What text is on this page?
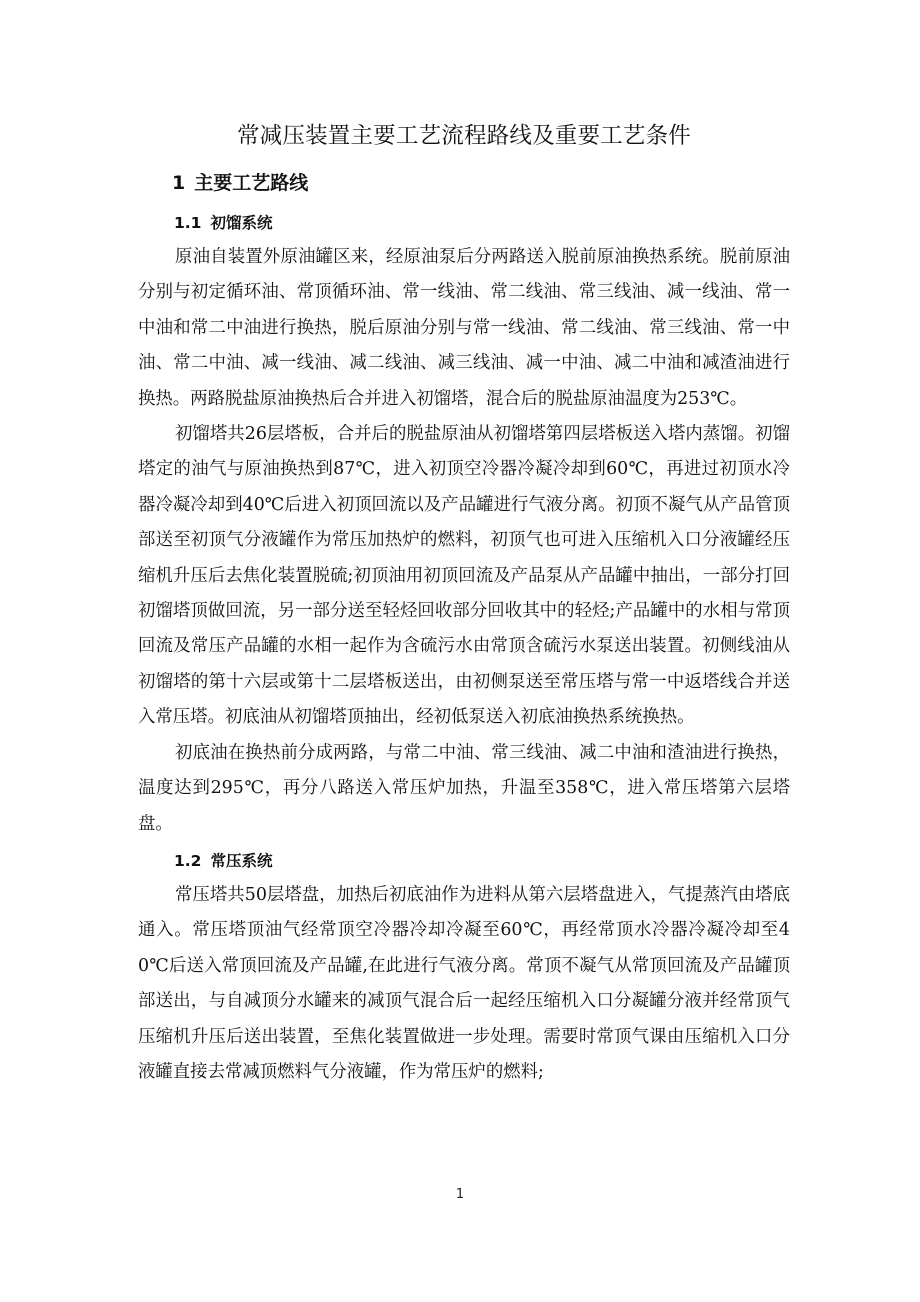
常减压装置主要工艺流程路线及重要工艺条件
1 主要工艺路线
1.1 初馏系统

原油自装置外原油罐区来，经原油泵后分两路送入脱前原油换热系统。脱前原油分别与初定循环油、常顶循环油、常一线油、常二线油、常三线油、减一线油、常一中油和常二中油进行换热，脱后原油分别与常一线油、常二线油、常三线油、常一中油、常二中油、减一线油、减二线油、减三线油、减一中油、减二中油和减渣油进行换热。两路脱盐原油换热后合并进入初馏塔，混合后的脱盐原油温度为253℃。

初馏塔共26层塔板，合并后的脱盐原油从初馏塔第四层塔板送入塔内蒸馏。初馏塔定的油气与原油换热到87℃，进入初顶空冷器冷凝冷却到60℃，再进过初顶水冷器冷凝冷却到40℃后进入初顶回流以及产品罐进行气液分离。初顶不凝气从产品管顶部送至初顶气分液罐作为常压加热炉的燃料，初顶气也可进入压缩机入口分液罐经压缩机升压后去焦化装置脱硫;初顶油用初顶回流及产品泵从产品罐中抽出，一部分打回初馏塔顶做回流，另一部分送至轻烃回收部分回收其中的轻烃;产品罐中的水相与常顶回流及常压产品罐的水相一起作为含硫污水由常顶含硫污水泵送出装置。初侧线油从初馏塔的第十六层或第十二层塔板送出，由初侧泵送至常压塔与常一中返塔线合并送入常压塔。初底油从初馏塔顶抽出，经初低泵送入初底油换热系统换热。

初底油在换热前分成两路，与常二中油、常三线油、减二中油和渣油进行换热，温度达到295℃，再分八路送入常压炉加热，升温至358℃，进入常压塔第六层塔盘。

1.2 常压系统

常压塔共50层塔盘，加热后初底油作为进料从第六层塔盘进入，气提蒸汽由塔底通入。常压塔顶油气经常顶空冷器冷却冷凝至60℃，再经常顶水冷器冷凝冷却至40℃后送入常顶回流及产品罐,在此进行气液分离。常顶不凝气从常顶回流及产品罐顶部送出，与自减顶分水罐来的减顶气混合后一起经压缩机入口分凝罐分液并经常顶气压缩机升压后送出装置，至焦化装置做进一步处理。需要时常顶气课由压缩机入口分液罐直接去常减顶燃料气分液罐，作为常压炉的燃料;

1
